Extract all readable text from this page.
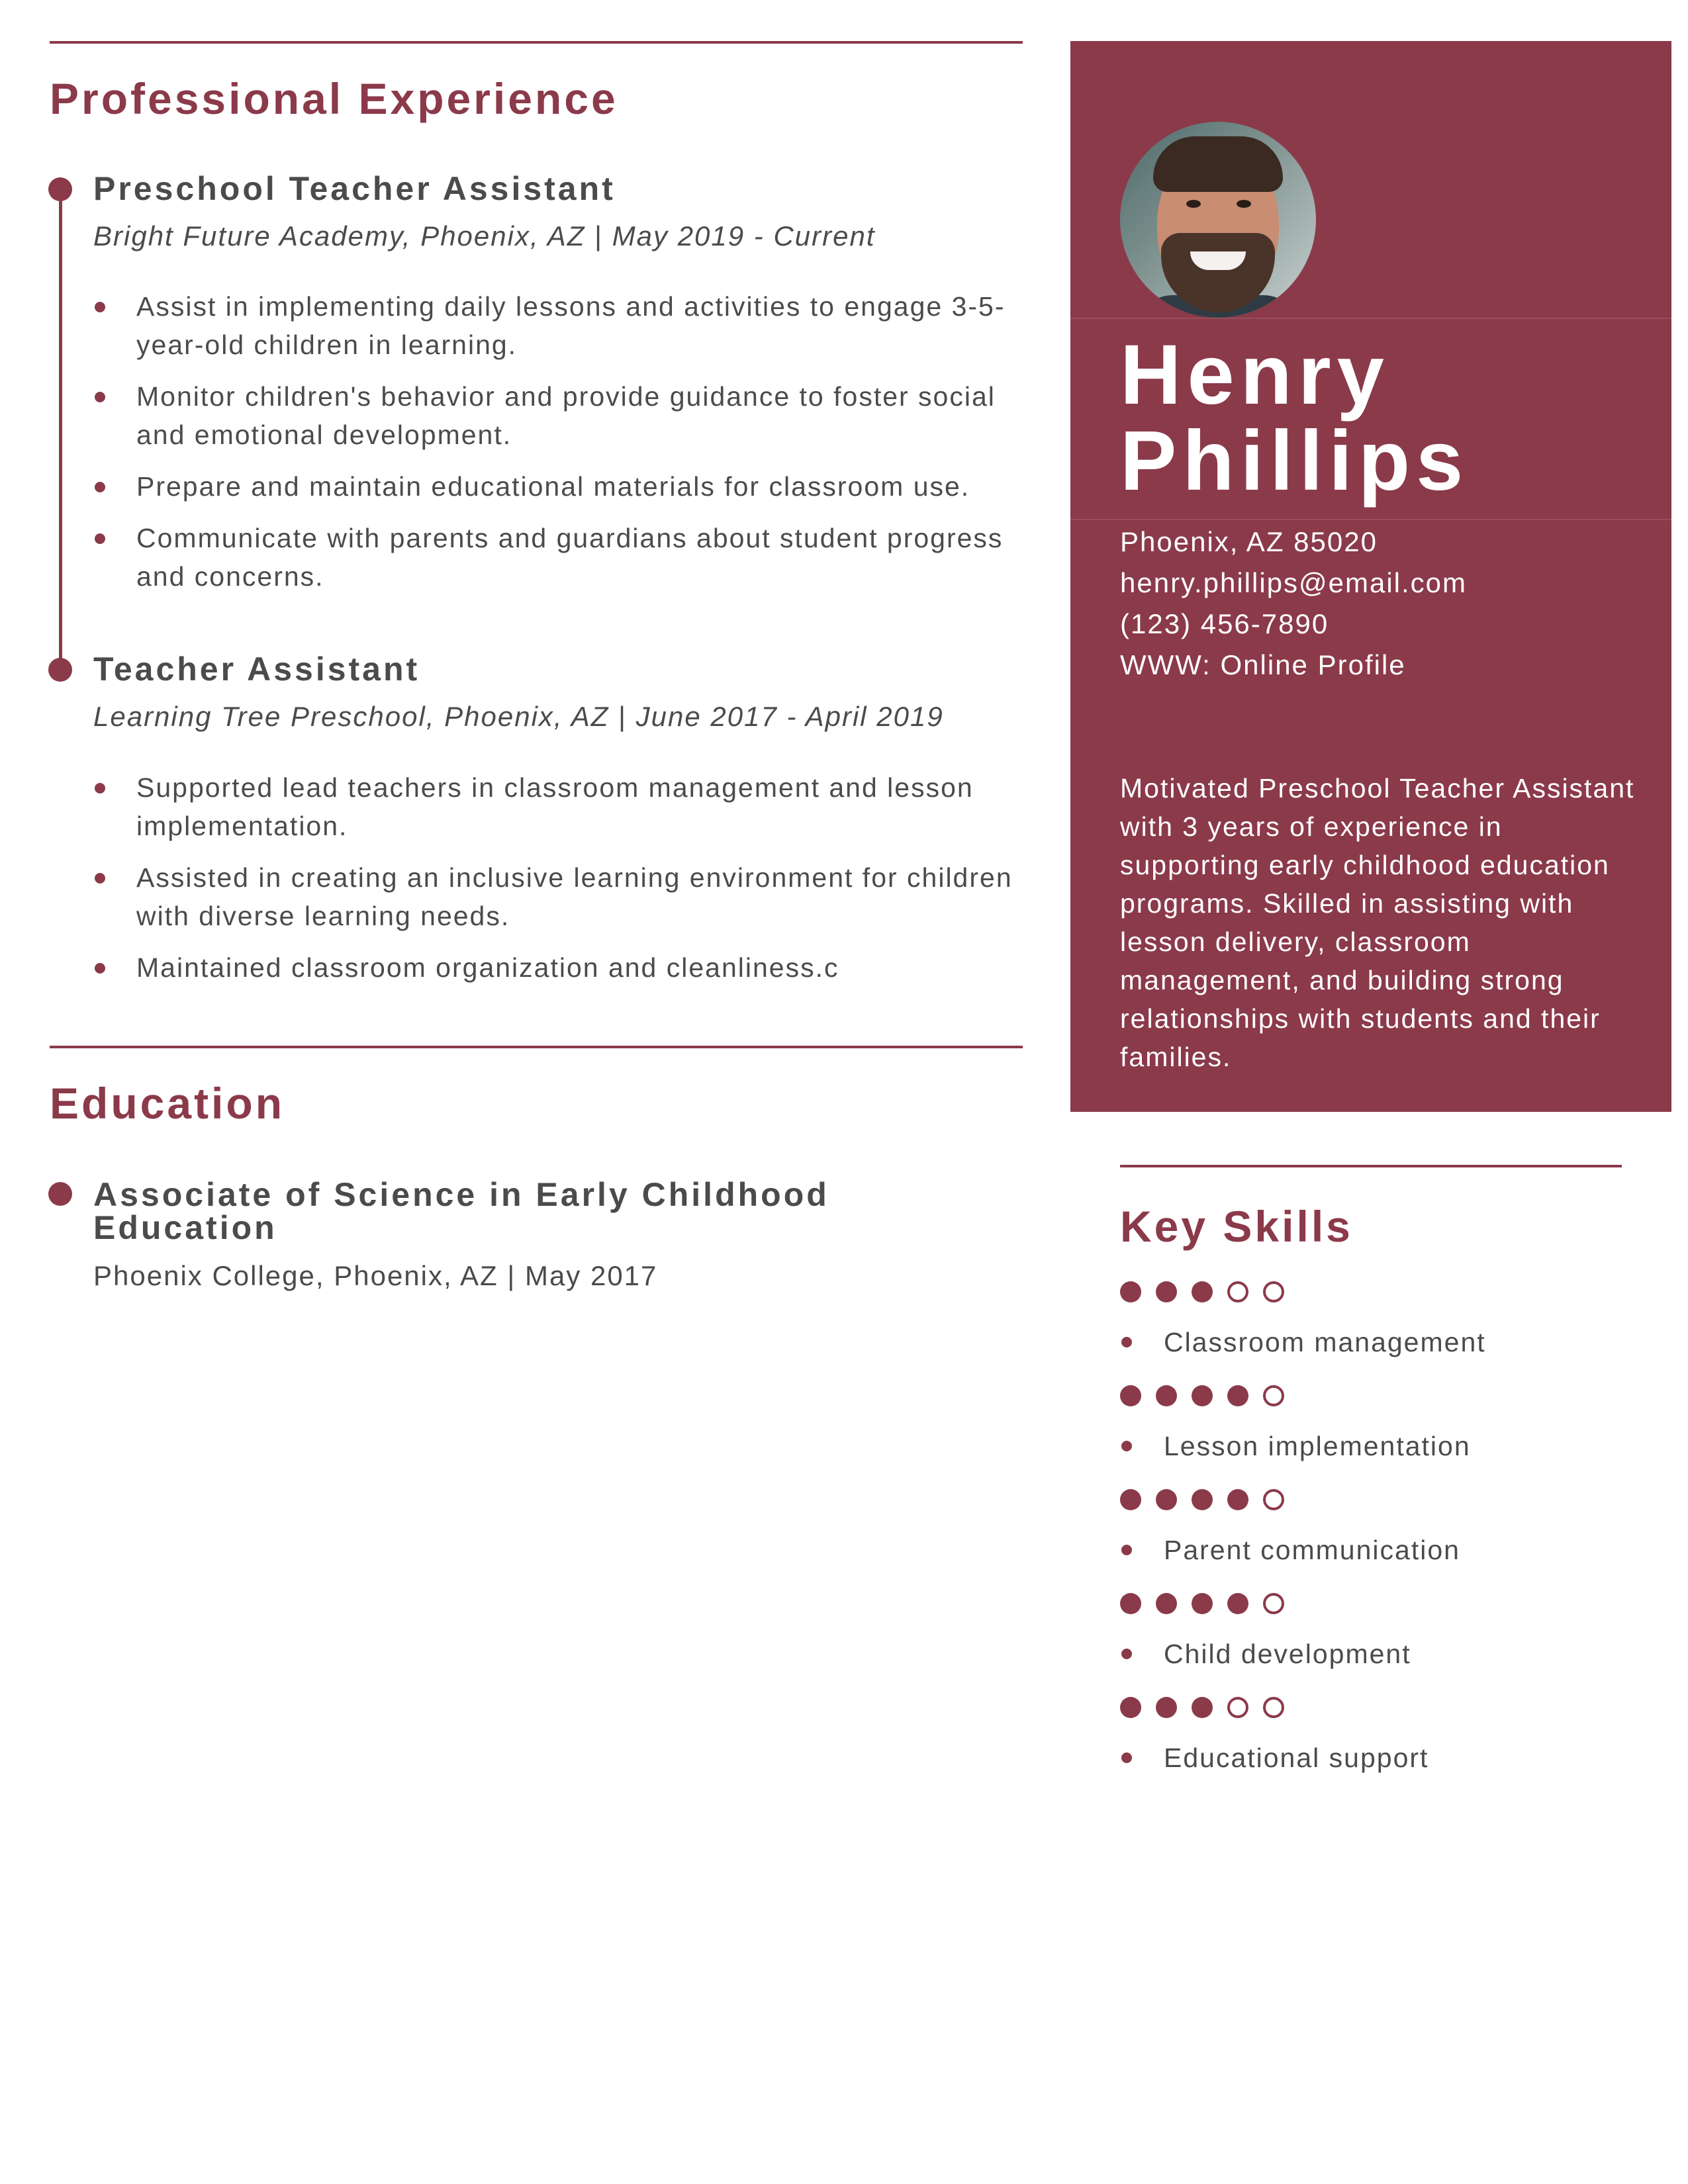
Professional Experience
Preschool Teacher Assistant
Bright Future Academy, Phoenix, AZ | May 2019 - Current
Assist in implementing daily lessons and activities to engage 3-5-year-old children in learning.
Monitor children's behavior and provide guidance to foster social and emotional development.
Prepare and maintain educational materials for classroom use.
Communicate with parents and guardians about student progress and concerns.
Teacher Assistant
Learning Tree Preschool, Phoenix, AZ | June 2017 - April 2019
Supported lead teachers in classroom management and lesson implementation.
Assisted in creating an inclusive learning environment for children with diverse learning needs.
Maintained classroom organization and cleanliness.c
Education
Associate of Science in Early Childhood Education
Phoenix College, Phoenix, AZ | May 2017
Henry
Phillips
Phoenix, AZ 85020
henry.phillips@email.com
(123) 456-7890
WWW: Online Profile
Motivated Preschool Teacher Assistant with 3 years of experience in supporting early childhood education programs. Skilled in assisting with lesson delivery, classroom management, and building strong relationships with students and their families.
Key Skills
Classroom management
Lesson implementation
Parent communication
Child development
Educational support
